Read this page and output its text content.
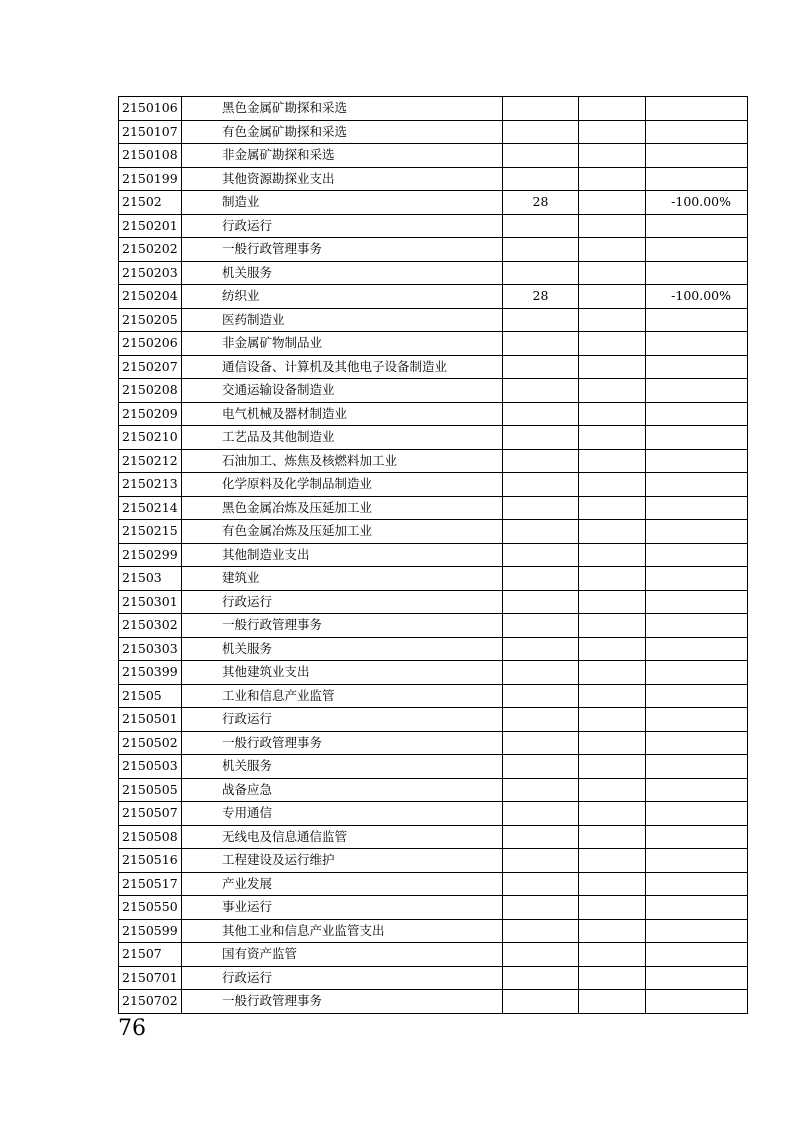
2150106	黑色金属矿勘探和采选			
2150107	有色金属矿勘探和采选			
2150108	非金属矿勘探和采选			
2150199	其他资源勘探业支出			
21502	制造业	28		-100.00%
2150201	行政运行			
2150202	一般行政管理事务			
2150203	机关服务			
2150204	纺织业	28		-100.00%
2150205	医药制造业			
2150206	非金属矿物制品业			
2150207	通信设备、计算机及其他电子设备制造业			
2150208	交通运输设备制造业			
2150209	电气机械及器材制造业			
2150210	工艺品及其他制造业			
2150212	石油加工、炼焦及核燃料加工业			
2150213	化学原料及化学制品制造业			
2150214	黑色金属冶炼及压延加工业			
2150215	有色金属冶炼及压延加工业			
2150299	其他制造业支出			
21503	建筑业			
2150301	行政运行			
2150302	一般行政管理事务			
2150303	机关服务			
2150399	其他建筑业支出			
21505	工业和信息产业监管			
2150501	行政运行			
2150502	一般行政管理事务			
2150503	机关服务			
2150505	战备应急			
2150507	专用通信			
2150508	无线电及信息通信监管			
2150516	工程建设及运行维护			
2150517	产业发展			
2150550	事业运行			
2150599	其他工业和信息产业监管支出			
21507	国有资产监管			
2150701	行政运行			
2150702	一般行政管理事务			
76
